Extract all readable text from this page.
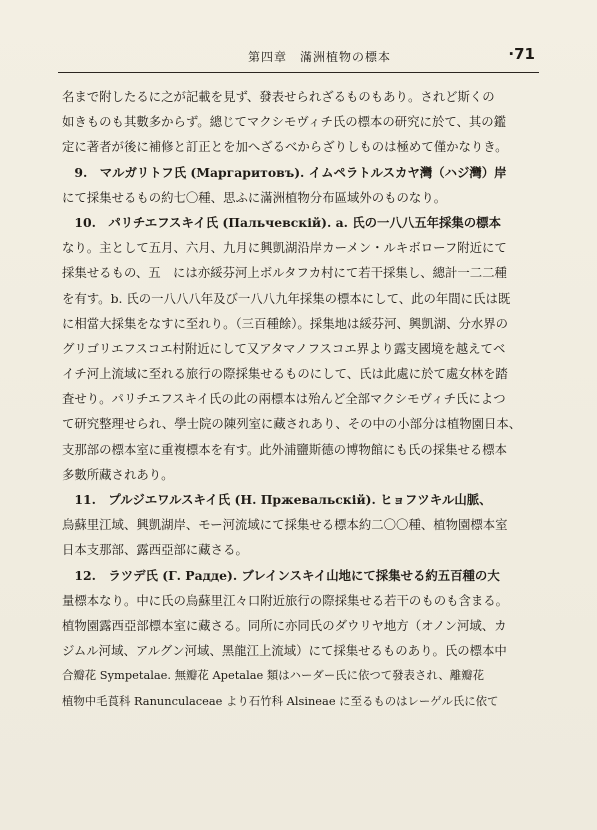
第四章　滿洲植物の標本	·71
名まで附したるに之が記載を見ず、發表せられざるものもあり。されど斯くの
如きものも其數多からず。總じてマクシモヴィチ氏の標本の研究に於て、其の鑑
定に著者が後に補修と訂正とを加へざるべからざりしものは極めて僅かなりき。
　9.　マルガリトフ氏 (Маргаритовъ). イムペラトルスカヤ灣（ハジ灣）岸
にて採集せるもの約七〇種、思ふに滿洲植物分布區域外のものなり。
　10.　パリチエフスキイ氏 (Пальчевскій). a. 氏の一八八五年採集の標本
なり。主として五月、六月、九月に興凱湖沿岸カーメン・ルキボローフ附近にて
採集せるもの、五　には亦綏芬河上ボルタフカ村にて若干採集し、總計一二二種
を有す。b. 氏の一八八八年及び一八八九年採集の標本にして、此の年間に氏は既
に相當大採集をなすに至れり。（三百種餘）。採集地は綏芬河、興凱湖、分水界の
グリゴリエフスコエ村附近にして又アタマノフスコエ界より露支國境を越えてベ
イチ河上流域に至れる旅行の際採集せるものにして、氏は此處に於て處女林を踏
査せり。パリチエフスキイ氏の此の兩標本は殆んど全部マクシモヴィチ氏によつ
て研究整理せられ、學士院の陳列室に藏されあり、その中の小部分は植物園日本、
支那部の標本室に重複標本を有す。此外浦鹽斯德の博物館にも氏の採集せる標本
多數所藏されあり。
　11.　プルジエワルスキイ氏 (Н. Пржевальскій). ヒョフツキル山脈、
烏蘇里江域、興凱湖岸、モー河流域にて採集せる標本約二〇〇種、植物園標本室
日本支那部、露西亞部に藏さる。
　12.　ラツデ氏 (Г. Радде). ブレインスキイ山地にて採集せる約五百種の大
量標本なり。中に氏の烏蘇里江々口附近旅行の際採集せる若干のものも含まる。
植物園露西亞部標本室に藏さる。同所に亦同氏のダウリヤ地方（オノン河域、カ
ジムル河域、アルグン河域、黑龍江上流域）にて採集せるものあり。氏の標本中
合瓣花 Sympetalae. 無瓣花 Apetalae 類はハーダー氏に依つて發表され、離瓣花
植物中毛莨科 Ranunculaceae より石竹科 Alsineae に至るものはレーゲル氏に依て
